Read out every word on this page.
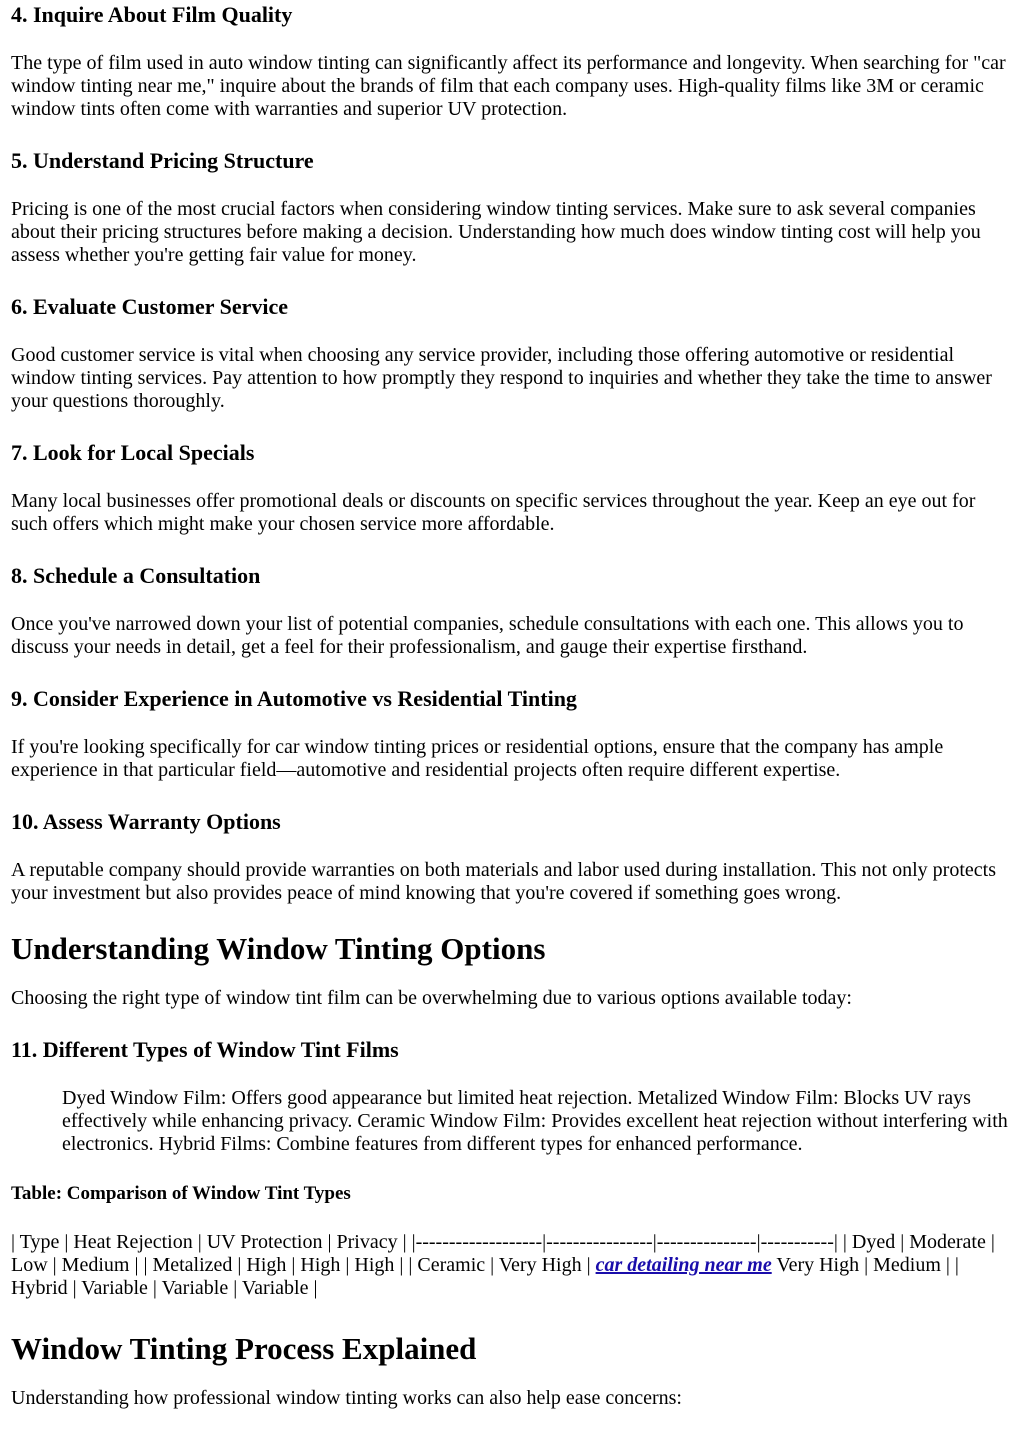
4. Inquire About Film Quality

The type of film used in auto window tinting can significantly affect its performance and longevity. When searching for "car window tinting near me," inquire about the brands of film that each company uses. High-quality films like 3M or ceramic window tints often come with warranties and superior UV protection.

5. Understand Pricing Structure

Pricing is one of the most crucial factors when considering window tinting services. Make sure to ask several companies about their pricing structures before making a decision. Understanding how much does window tinting cost will help you assess whether you're getting fair value for money.

6. Evaluate Customer Service

Good customer service is vital when choosing any service provider, including those offering automotive or residential window tinting services. Pay attention to how promptly they respond to inquiries and whether they take the time to answer your questions thoroughly.

7. Look for Local Specials

Many local businesses offer promotional deals or discounts on specific services throughout the year. Keep an eye out for such offers which might make your chosen service more affordable.

8. Schedule a Consultation

Once you've narrowed down your list of potential companies, schedule consultations with each one. This allows you to discuss your needs in detail, get a feel for their professionalism, and gauge their expertise firsthand.

9. Consider Experience in Automotive vs Residential Tinting

If you're looking specifically for car window tinting prices or residential options, ensure that the company has ample experience in that particular field—automotive and residential projects often require different expertise.

10. Assess Warranty Options

A reputable company should provide warranties on both materials and labor used during installation. This not only protects your investment but also provides peace of mind knowing that you're covered if something goes wrong.

Understanding Window Tinting Options

Choosing the right type of window tint film can be overwhelming due to various options available today:

11. Different Types of Window Tint Films
Dyed Window Film: Offers good appearance but limited heat rejection. Metalized Window Film: Blocks UV rays effectively while enhancing privacy. Ceramic Window Film: Provides excellent heat rejection without interfering with electronics. Hybrid Films: Combine features from different types for enhanced performance.
Table: Comparison of Window Tint Types

| Type | Heat Rejection | UV Protection | Privacy | |-------------------|----------------|---------------|-----------| | Dyed | Moderate | Low | Medium | | Metalized | High | High | High | | Ceramic | Very High | car detailing near me Very High | Medium | | Hybrid | Variable | Variable | Variable |

Window Tinting Process Explained

Understanding how professional window tinting works can also help ease concerns:
